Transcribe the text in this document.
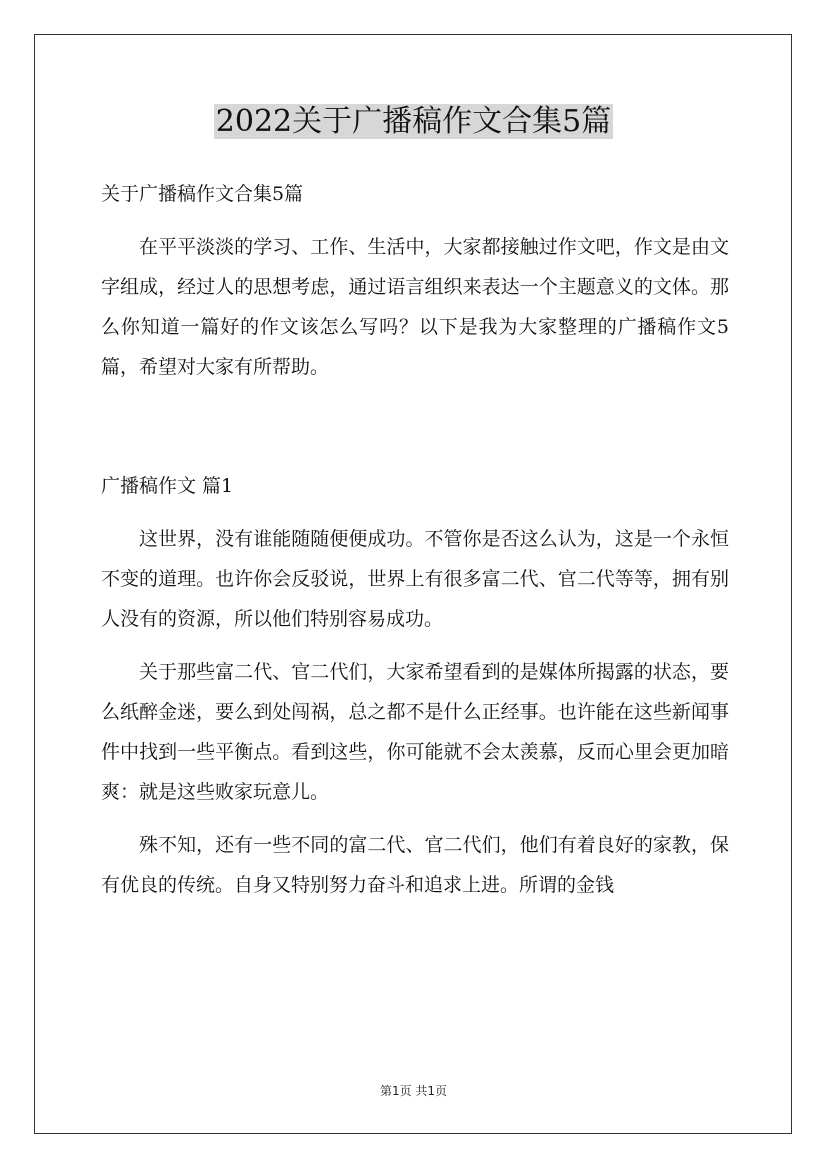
2022关于广播稿作文合集5篇

关于广播稿作文合集5篇

在平平淡淡的学习、工作、生活中，大家都接触过作文吧，作文是由文字组成，经过人的思想考虑，通过语言组织来表达一个主题意义的文体。那么你知道一篇好的作文该怎么写吗？以下是我为大家整理的广播稿作文5篇，希望对大家有所帮助。

广播稿作文 篇1

这世界，没有谁能随随便便成功。不管你是否这么认为，这是一个永恒不变的道理。也许你会反驳说，世界上有很多富二代、官二代等等，拥有别人没有的资源，所以他们特别容易成功。

关于那些富二代、官二代们，大家希望看到的是媒体所揭露的状态，要么纸醉金迷，要么到处闯祸，总之都不是什么正经事。也许能在这些新闻事件中找到一些平衡点。看到这些，你可能就不会太羡慕，反而心里会更加暗爽：就是这些败家玩意儿。

殊不知，还有一些不同的富二代、官二代们，他们有着良好的家教，保有优良的传统。自身又特别努力奋斗和追求上进。所谓的金钱

第1页 共1页
